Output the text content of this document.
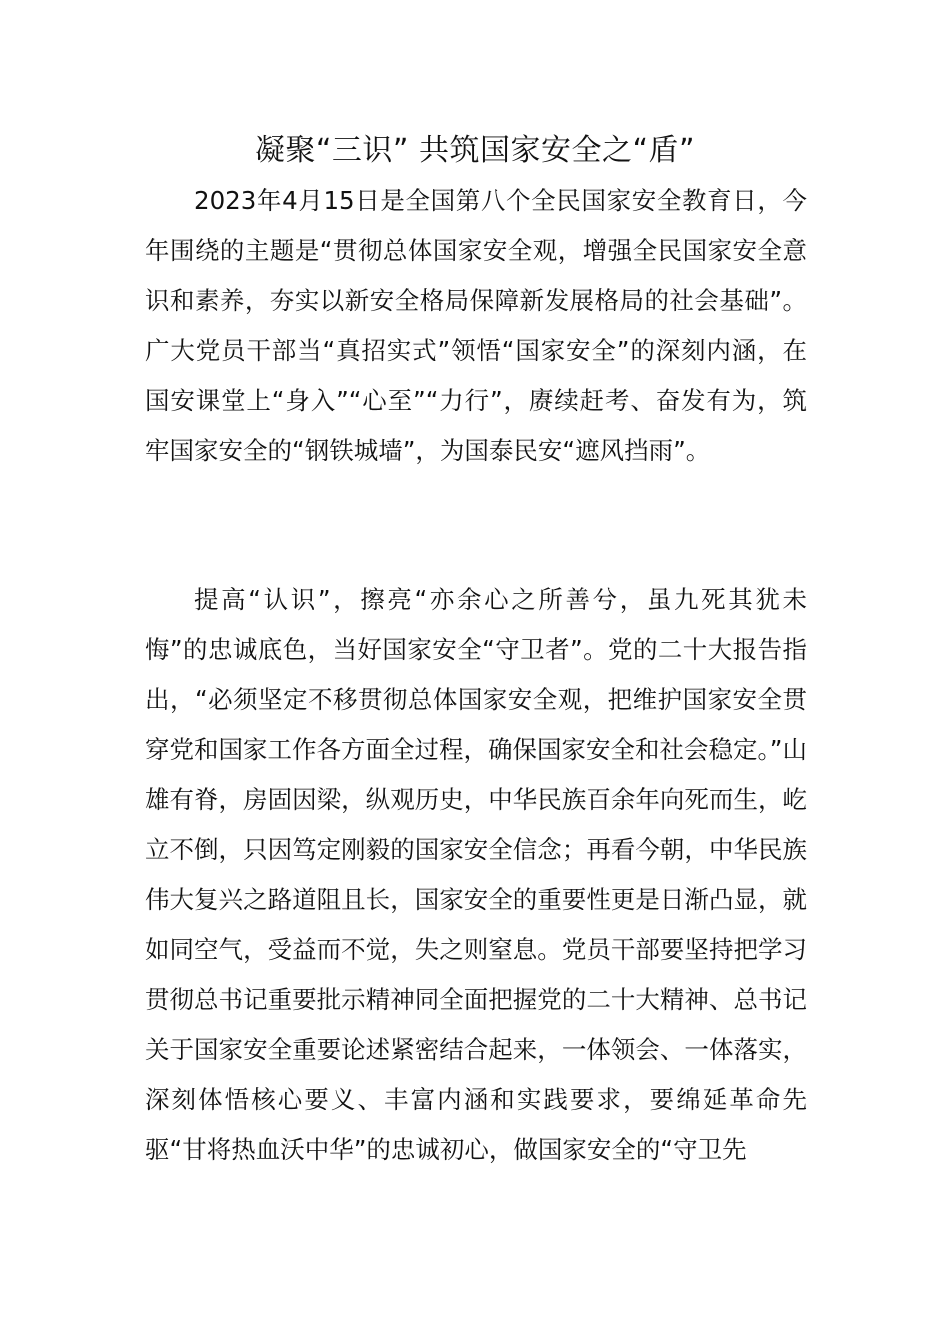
凝聚“三识” 共筑国家安全之“盾”

2023年4月15日是全国第八个全民国家安全教育日，今年围绕的主题是“贯彻总体国家安全观，增强全民国家安全意识和素养，夯实以新安全格局保障新发展格局的社会基础”。广大党员干部当“真招实式”领悟“国家安全”的深刻内涵，在国安课堂上“身入”“心至”“力行”，赓续赶考、奋发有为，筑牢国家安全的“钢铁城墙”，为国泰民安“遮风挡雨”。

提高“认识”，擦亮“亦余心之所善兮，虽九死其犹未悔”的忠诚底色，当好国家安全“守卫者”。党的二十大报告指出，“必须坚定不移贯彻总体国家安全观，把维护国家安全贯穿党和国家工作各方面全过程，确保国家安全和社会稳定。”山雄有脊，房固因梁，纵观历史，中华民族百余年向死而生，屹立不倒，只因笃定刚毅的国家安全信念；再看今朝，中华民族伟大复兴之路道阻且长，国家安全的重要性更是日渐凸显，就如同空气，受益而不觉，失之则窒息。党员干部要坚持把学习贯彻总书记重要批示精神同全面把握党的二十大精神、总书记关于国家安全重要论述紧密结合起来，一体领会、一体落实，深刻体悟核心要义、丰富内涵和实践要求，要绵延革命先驱“甘将热血沃中华”的忠诚初心，做国家安全的“守卫先
